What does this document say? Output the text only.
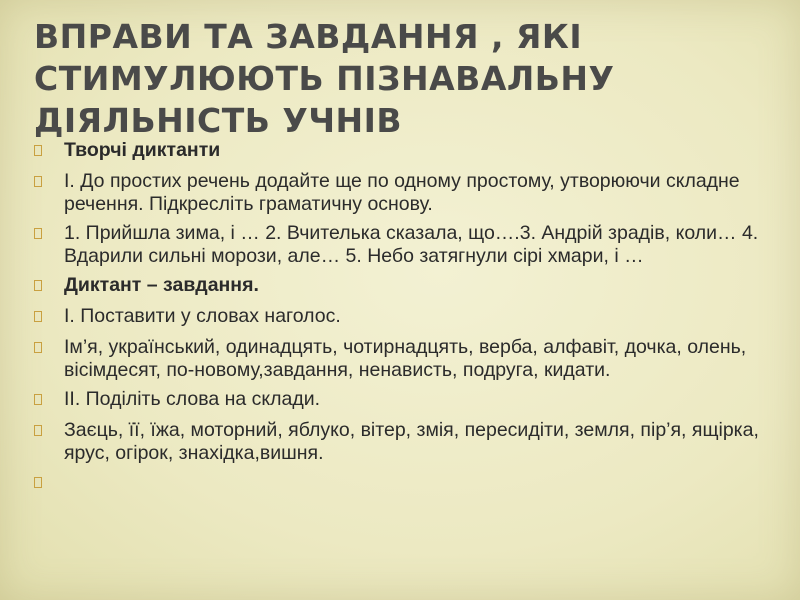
ВПРАВИ ТА ЗАВДАННЯ , ЯКІ
СТИМУЛЮЮТЬ ПІЗНАВАЛЬНУ
ДІЯЛЬНІСТЬ УЧНІВ
Творчі диктанти
І. До простих речень додайте ще по одному простому, утворюючи складне речення. Підкресліть граматичну основу.
1. Прийшла зима, і … 2. Вчителька сказала, що….3. Андрій зрадів, коли… 4. Вдарили сильні морози, але… 5. Небо затягнули сірі хмари, і …
Диктант – завдання.
І. Поставити у словах наголос.
Ім’я, український, одинадцять, чотирнадцять, верба, алфавіт, дочка, олень, вісімдесят, по-новому,завдання, ненависть, подруга, кидати.
ІІ. Поділіть слова на склади.
Заєць, її, їжа, моторний, яблуко, вітер, змія, пересидіти, земля, пір’я, ящірка, ярус, огірок, знахідка,вишня.
